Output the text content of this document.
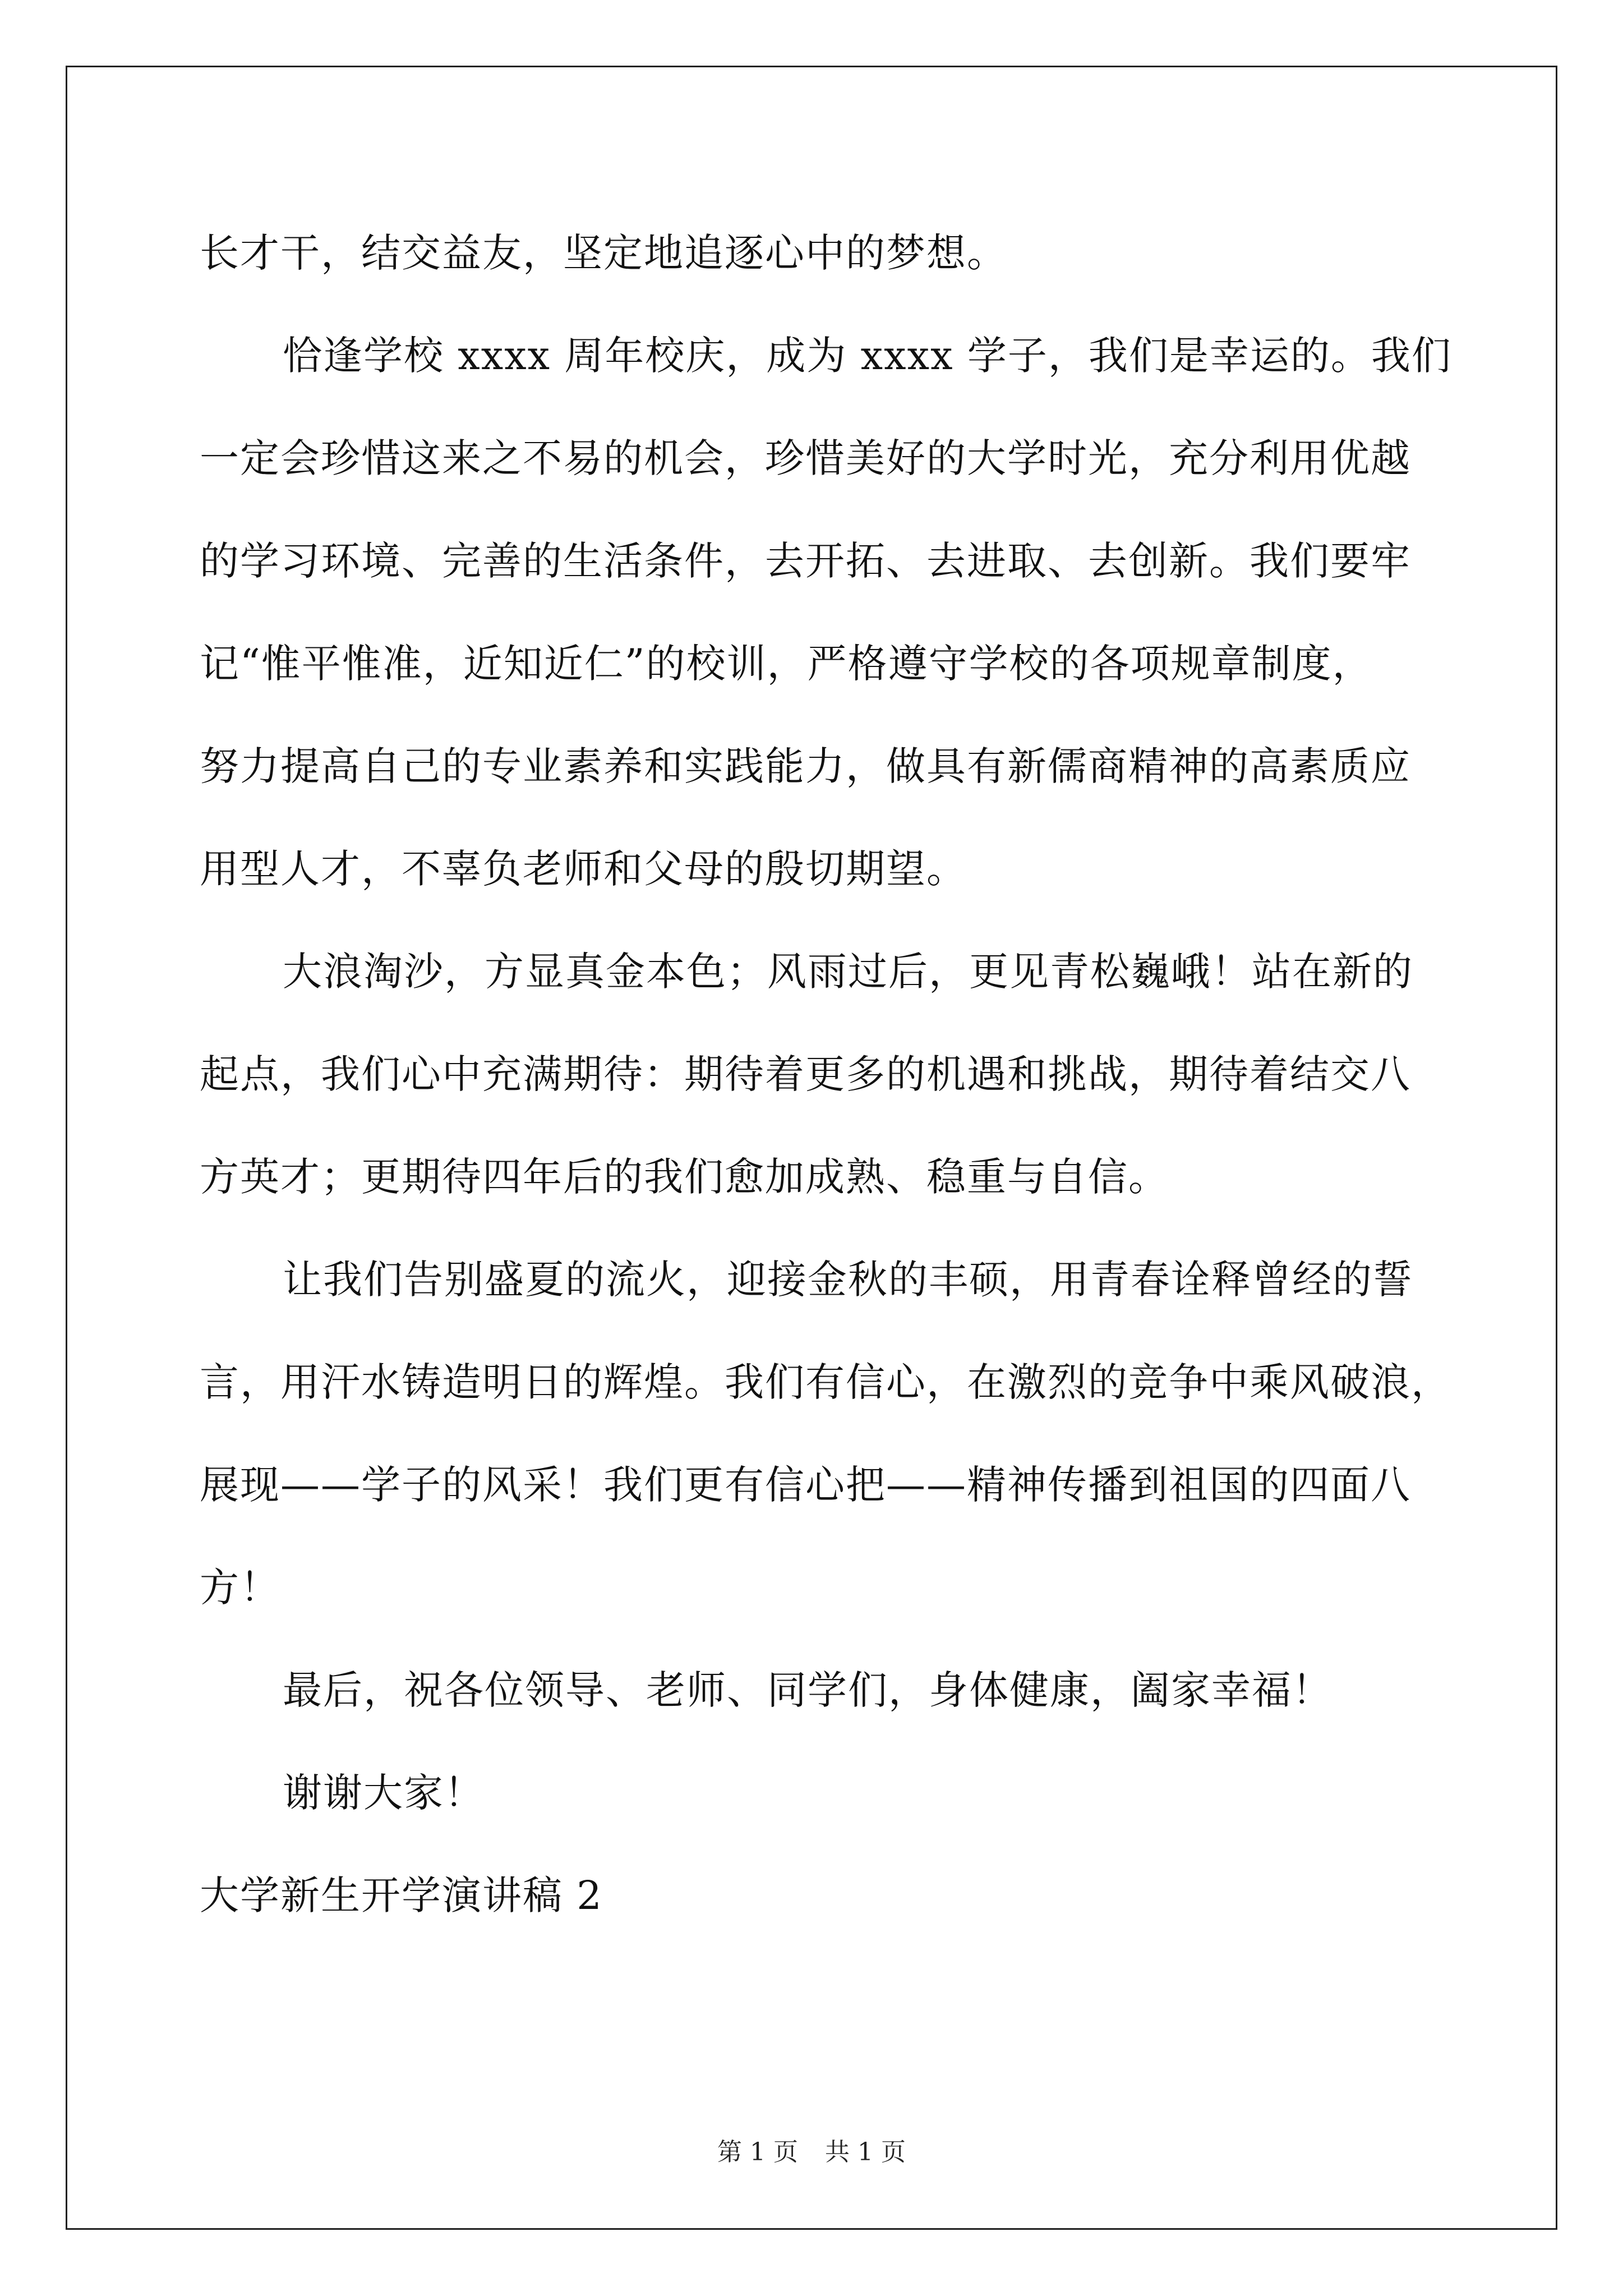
长才干，结交益友，坚定地追逐心中的梦想。
恰逢学校 xxxx 周年校庆，成为 xxxx 学子，我们是幸运的。我们
一定会珍惜这来之不易的机会，珍惜美好的大学时光，充分利用优越
的学习环境、完善的生活条件，去开拓、去进取、去创新。我们要牢
记“惟平惟准，近知近仁”的校训，严格遵守学校的各项规章制度，
努力提高自己的专业素养和实践能力，做具有新儒商精神的高素质应
用型人才，不辜负老师和父母的殷切期望。
大浪淘沙，方显真金本色；风雨过后，更见青松巍峨！站在新的
起点，我们心中充满期待：期待着更多的机遇和挑战，期待着结交八
方英才；更期待四年后的我们愈加成熟、稳重与自信。
让我们告别盛夏的流火，迎接金秋的丰硕，用青春诠释曾经的誓
言，用汗水铸造明日的辉煌。我们有信心，在激烈的竞争中乘风破浪，
展现——学子的风采！我们更有信心把——精神传播到祖国的四面八
方！
最后，祝各位领导、老师、同学们，身体健康，阖家幸福！
谢谢大家！
大学新生开学演讲稿 2
第 1 页 共 1 页
